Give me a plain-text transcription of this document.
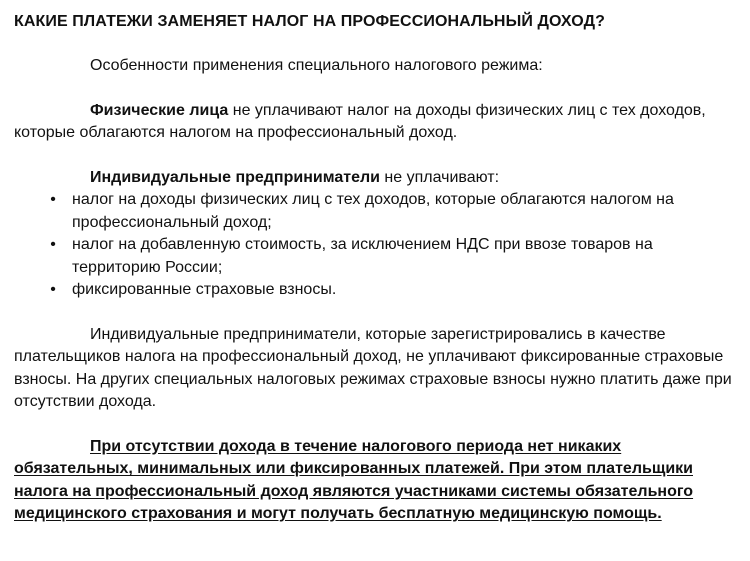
КАКИЕ ПЛАТЕЖИ ЗАМЕНЯЕТ НАЛОГ НА ПРОФЕССИОНАЛЬНЫЙ ДОХОД?

Особенности применения специального налогового режима:

Физические лица не уплачивают налог на доходы физических лиц с тех доходов, которые облагаются налогом на профессиональный доход.

Индивидуальные предприниматели не уплачивают:

• налог на доходы физических лиц с тех доходов, которые облагаются налогом на профессиональный доход;
• налог на добавленную стоимость, за исключением НДС при ввозе товаров на территорию России;
• фиксированные страховые взносы.

Индивидуальные предприниматели, которые зарегистрировались в качестве плательщиков налога на профессиональный доход, не уплачивают фиксированные страховые взносы. На других специальных налоговых режимах страховые взносы нужно платить даже при отсутствии дохода.

При отсутствии дохода в течение налогового периода нет никаких обязательных, минимальных или фиксированных платежей. При этом плательщики налога на профессиональный доход являются участниками системы обязательного медицинского страхования и могут получать бесплатную медицинскую помощь.
